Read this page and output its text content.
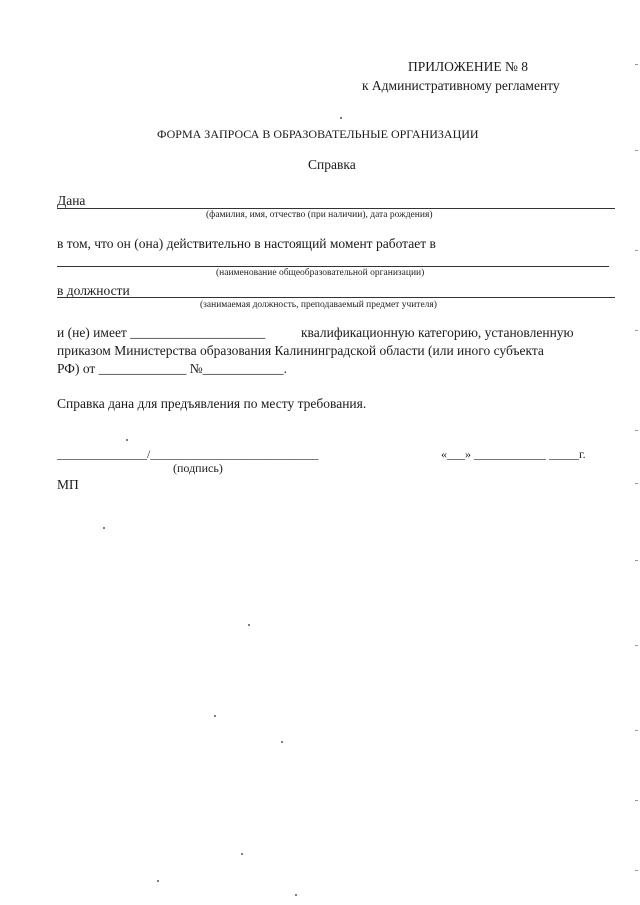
ПРИЛОЖЕНИЕ № 8
к Административному регламенту
ФОРМА ЗАПРОСА В ОБРАЗОВАТЕЛЬНЫЕ ОРГАНИЗАЦИИ
Справка
Дана
(фамилия, имя, отчество (при наличии), дата рождения)
в том, что он (она) действительно в настоящий момент работает в
(наименование общеобразовательной организации)
в должности
(занимаемая должность, преподаваемый предмет учителя)
и (не) имеет ____________________	квалификационную категорию, установленную
приказом Министерства образования Калининградской области (или иного субъекта
РФ) от _____________ №____________.
Справка дана для предъявления по месту требования.
_______________/____________________________	«___» ____________ _____г.
(подпись)
МП
